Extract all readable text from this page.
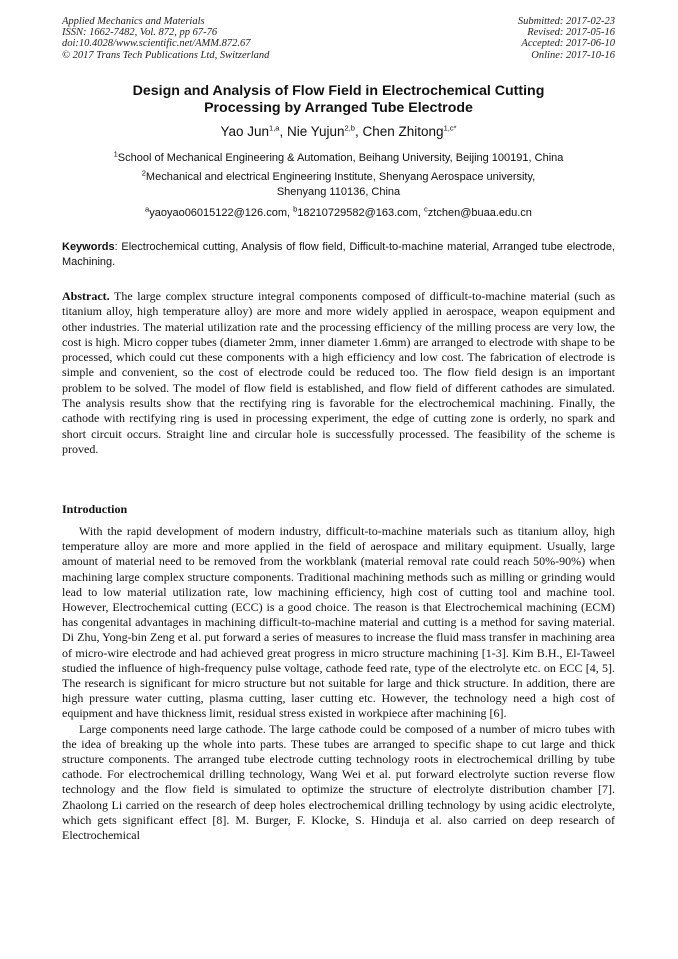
Applied Mechanics and Materials
ISSN: 1662-7482, Vol. 872, pp 67-76
doi:10.4028/www.scientific.net/AMM.872.67
© 2017 Trans Tech Publications Ltd, Switzerland
Submitted: 2017-02-23
Revised: 2017-05-16
Accepted: 2017-06-10
Online: 2017-10-16
Design and Analysis of Flow Field in Electrochemical Cutting
Processing by Arranged Tube Electrode
Yao Jun$^{1,a}$, Nie Yujun$^{2,b}$, Chen Zhitong$^{1,c*}$
$^1$School of Mechanical Engineering & Automation, Beihang University, Beijing 100191, China
$^2$Mechanical and electrical Engineering Institute, Shenyang Aerospace university,
Shenyang 110136, China
$^a$yaoyao06015122@126.com, $^b$18210729582@163.com, $^c$ztchen@buaa.edu.cn
Keywords: Electrochemical cutting, Analysis of flow field, Difficult-to-machine material, Arranged tube electrode, Machining.
Abstract. The large complex structure integral components composed of difficult-to-machine material (such as titanium alloy, high temperature alloy) are more and more widely applied in aerospace, weapon equipment and other industries. The material utilization rate and the processing efficiency of the milling process are very low, the cost is high. Micro copper tubes (diameter 2mm, inner diameter 1.6mm) are arranged to electrode with shape to be processed, which could cut these components with a high efficiency and low cost. The fabrication of electrode is simple and convenient, so the cost of electrode could be reduced too. The flow field design is an important problem to be solved. The model of flow field is established, and flow field of different cathodes are simulated. The analysis results show that the rectifying ring is favorable for the electrochemical machining. Finally, the cathode with rectifying ring is used in processing experiment, the edge of cutting zone is orderly, no spark and short circuit occurs. Straight line and circular hole is successfully processed. The feasibility of the scheme is proved.
Introduction

With the rapid development of modern industry, difficult-to-machine materials such as titanium alloy, high temperature alloy are more and more applied in the field of aerospace and military equipment. Usually, large amount of material need to be removed from the workblank (material removal rate could reach 50%-90%) when machining large complex structure components. Traditional machining methods such as milling or grinding would lead to low material utilization rate, low machining efficiency, high cost of cutting tool and machine tool. However, Electrochemical cutting (ECC) is a good choice. The reason is that Electrochemical machining (ECM) has congenital advantages in machining difficult-to-machine material and cutting is a method for saving material. Di Zhu, Yong-bin Zeng et al. put forward a series of measures to increase the fluid mass transfer in machining area of micro-wire electrode and had achieved great progress in micro structure machining [1-3]. Kim B.H., El-Taweel studied the influence of high-frequency pulse voltage, cathode feed rate, type of the electrolyte etc. on ECC [4, 5]. The research is significant for micro structure but not suitable for large and thick structure. In addition, there are high pressure water cutting, plasma cutting, laser cutting etc. However, the technology need a high cost of equipment and have thickness limit, residual stress existed in workpiece after machining [6].

Large components need large cathode. The large cathode could be composed of a number of micro tubes with the idea of breaking up the whole into parts. These tubes are arranged to specific shape to cut large and thick structure components. The arranged tube electrode cutting technology roots in electrochemical drilling by tube cathode. For electrochemical drilling technology, Wang Wei et al. put forward electrolyte suction reverse flow technology and the flow field is simulated to optimize the structure of electrolyte distribution chamber [7]. Zhaolong Li carried on the research of deep holes electrochemical drilling technology by using acidic electrolyte, which gets significant effect [8]. M. Burger, F. Klocke, S. Hinduja et al. also carried on deep research of Electrochemical
